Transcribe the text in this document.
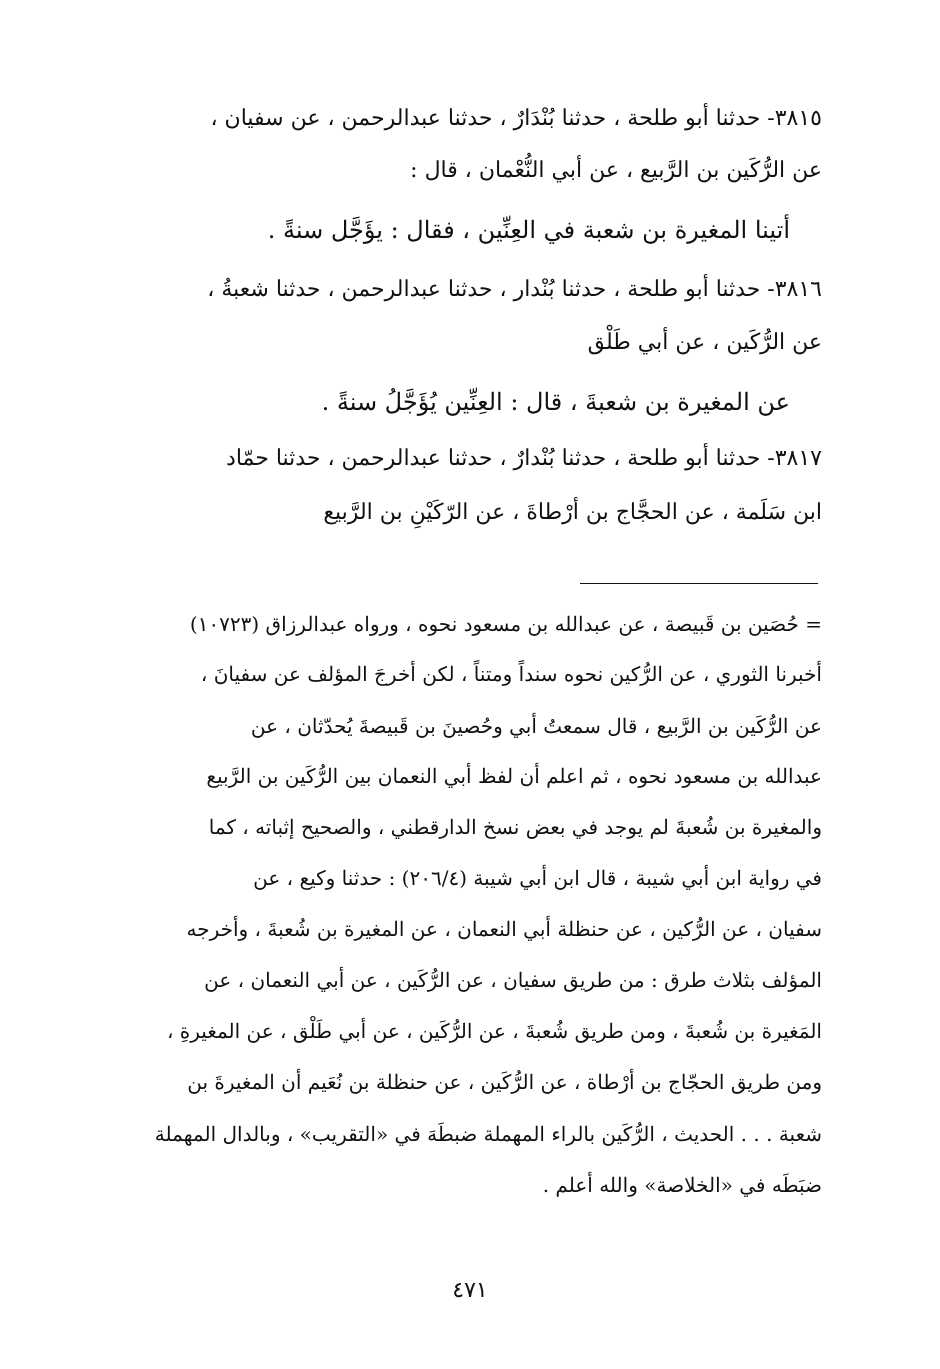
٣٨١٥- حدثنا أبو طلحة ، حدثنا بُنْدَارٌ ، حدثنا عبدالرحمن ، عن سفيان ،
عن الرُّكَين بن الرَّبيع ، عن أبي النُّعْمان ، قال :
أتينا المغيرة بن شعبة في العِنِّين ، فقال : يؤَجَّل سنةً .
٣٨١٦- حدثنا أبو طلحة ، حدثنا بُنْدار ، حدثنا عبدالرحمن ، حدثنا شعبةُ ،
عن الرُّكَين ، عن أبي طَلْق
عن المغيرة بن شعبةَ ، قال : العِنِّين يُؤَجَّلُ سنةً .
٣٨١٧- حدثنا أبو طلحة ، حدثنا بُنْدارٌ ، حدثنا عبدالرحمن ، حدثنا حمّاد
ابن سَلَمة ، عن الحجَّاج بن أرْطاةَ ، عن الرّكَيْنِ بن الرَّبيع
= حُصَين بن قَبيصة ، عن عبدالله بن مسعود نحوه ، ورواه عبدالرزاق (١٠٧٢٣)
أخبرنا الثوري ، عن الرُّكين نحوه سنداً ومتناً ، لكن أخرجَ المؤلف عن سفيانَ ،
عن الرُّكَين بن الرَّبيع ، قال سمعتُ أبي وحُصينَ بن قَبيصةَ يُحدّثان ، عن
عبدالله بن مسعود نحوه ، ثم اعلم أن لفظ أبي النعمان بين الرُّكَين بن الرَّبيع
والمغيرة بن شُعبةَ لم يوجد في بعض نسخ الدارقطني ، والصحيح إثباته ، كما
في رواية ابن أبي شيبة ، قال ابن أبي شيبة (٢٠٦/٤) : حدثنا وكيع ، عن
سفيان ، عن الرُّكين ، عن حنظلة أبي النعمان ، عن المغيرة بن شُعبةَ ، وأخرجه
المؤلف بثلاث طرق : من طريق سفيان ، عن الرُّكَين ، عن أبي النعمان ، عن
المَغيرة بن شُعبةَ ، ومن طريق شُعبةَ ، عن الرُّكَين ، عن أبي طَلْق ، عن المغيرةِ ،
ومن طريق الحجّاج بن أرْطاة ، عن الرُّكَين ، عن حنظلة بن نُعَيم أن المغيرةَ بن
شعبة . . . الحديث ، الرُّكَين بالراء المهملة ضبطَهَ في «التقريب» ، وبالدال المهملة
ضبَطَه في «الخلاصة» والله أعلم .
٤٧١
